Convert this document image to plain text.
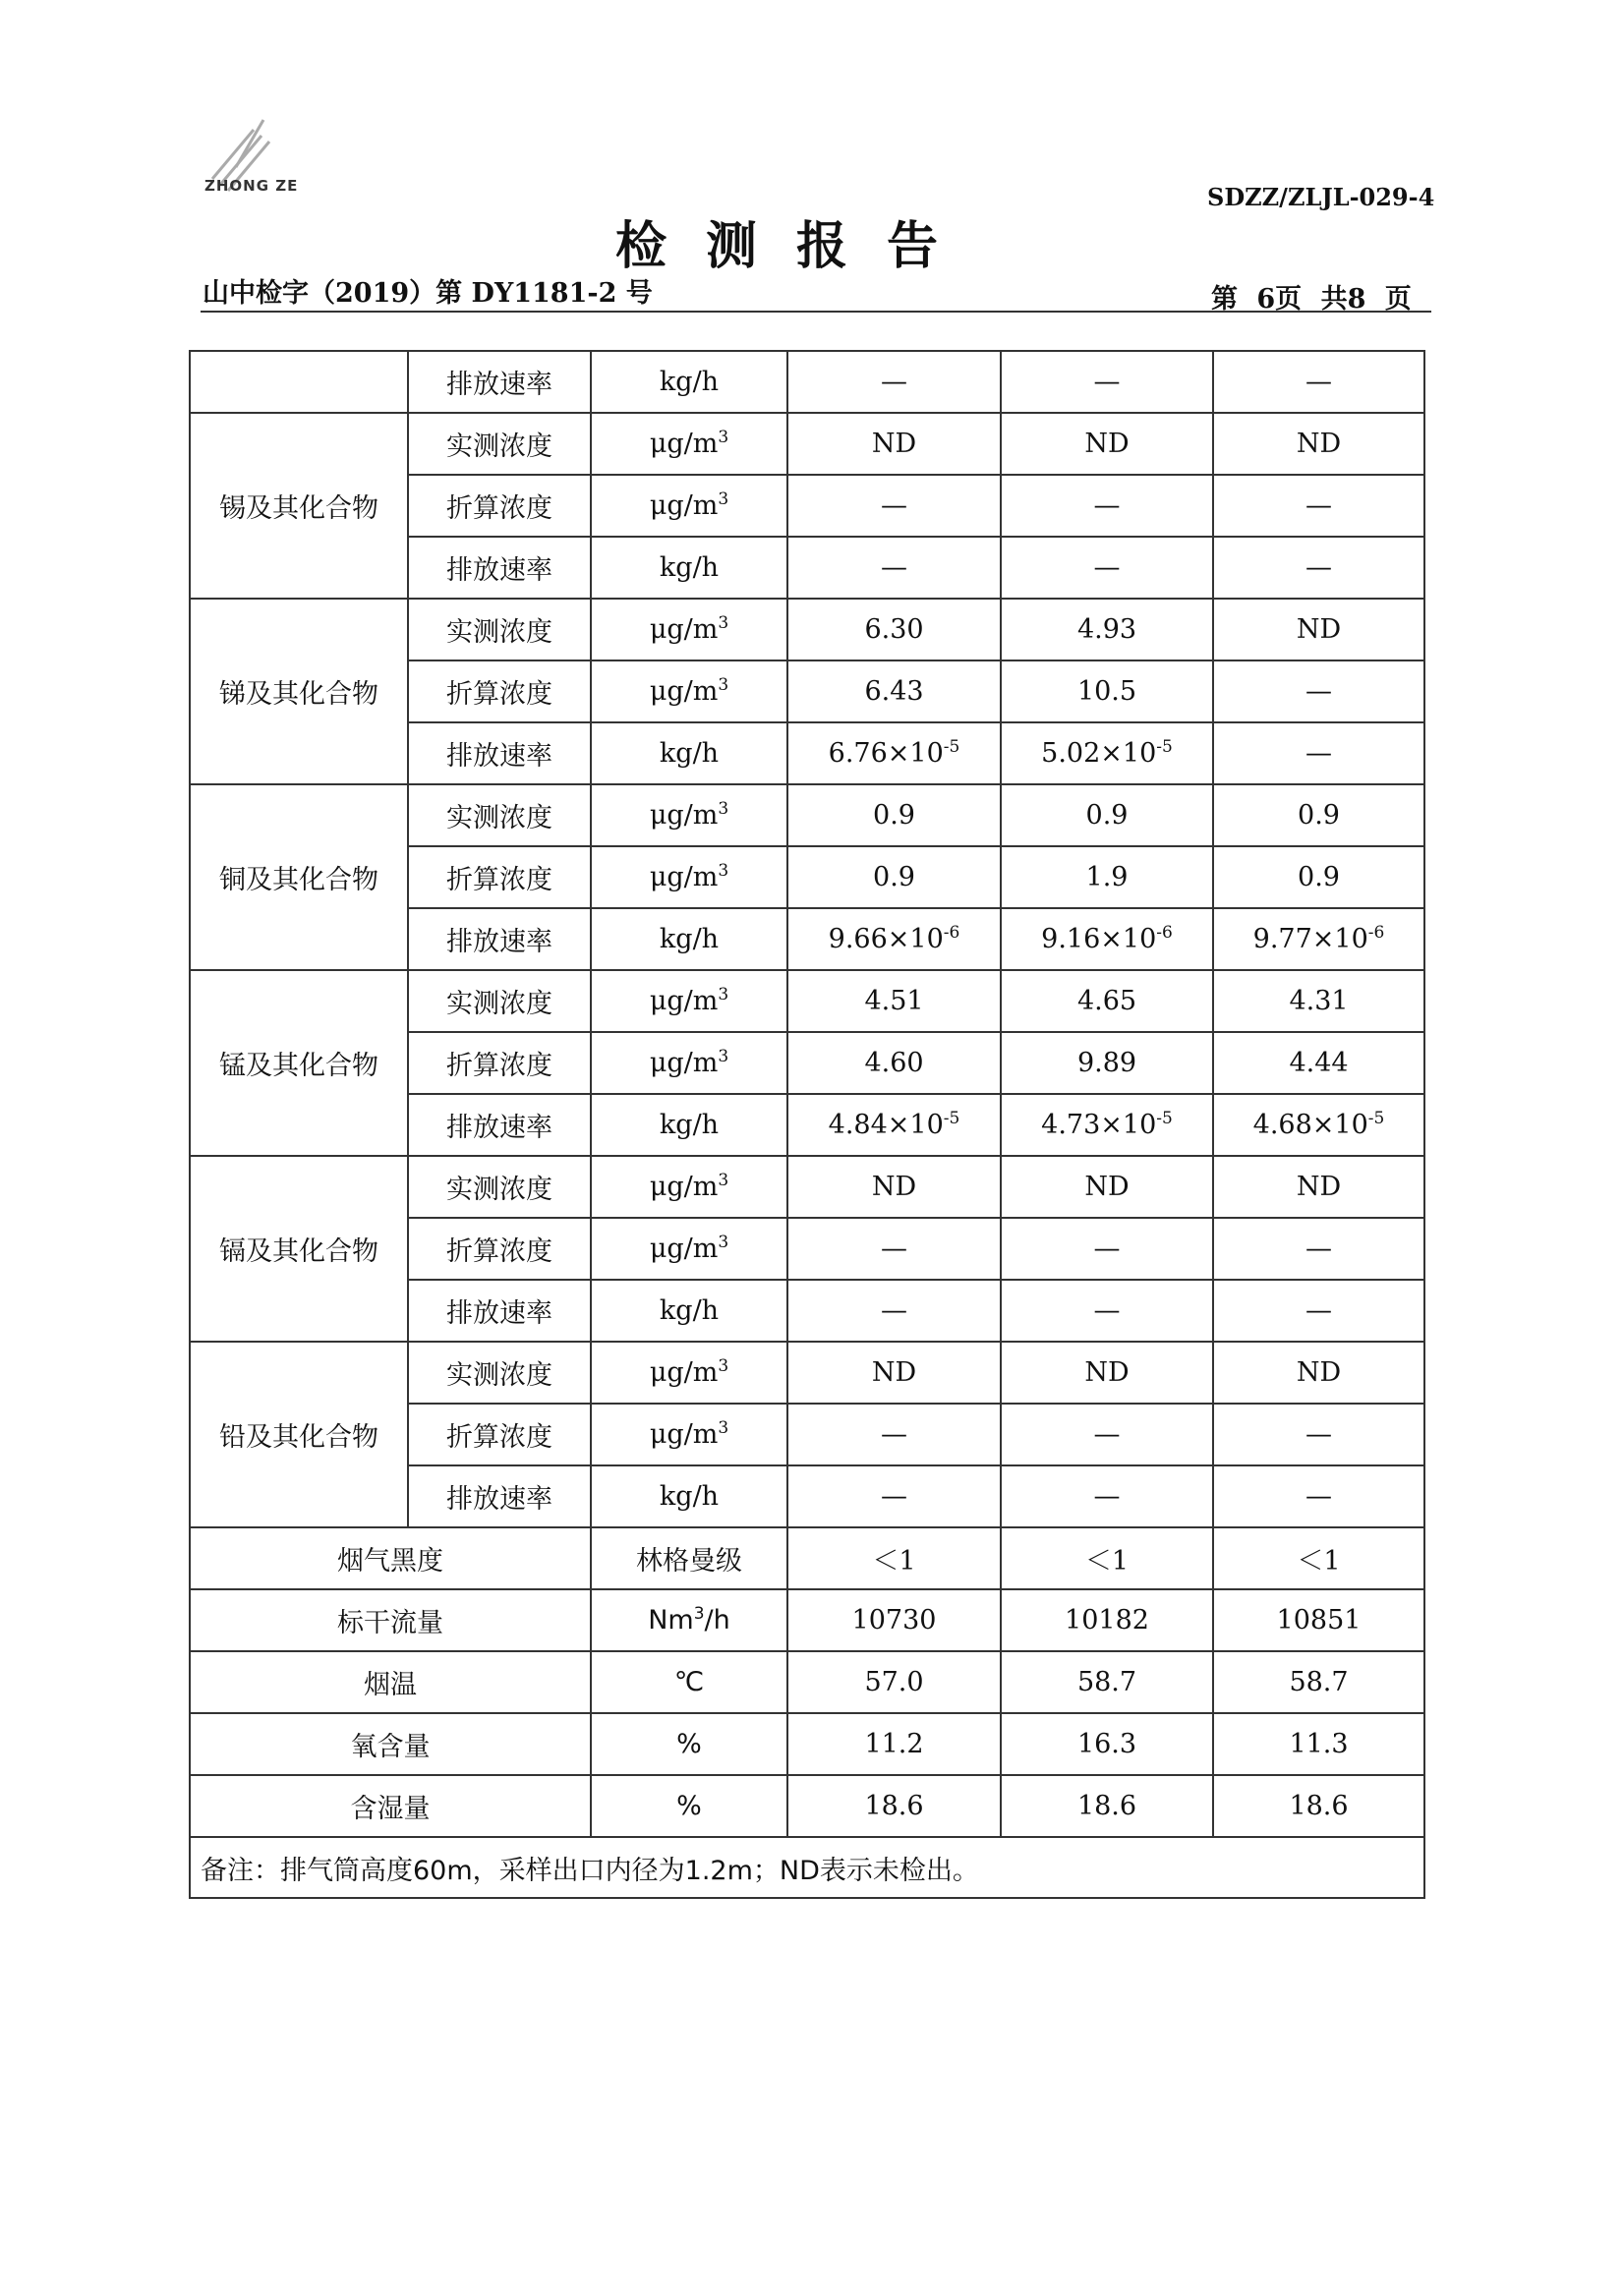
ZHONG ZE	SDZZ/ZLJL-029-4
检测报告
山中检字（2019）第 DY1181-2 号	第 6页 共8 页
	排放速率	kg/h	—	—	—
锡及其化合物	实测浓度	$\mu g/m^3$	ND	ND	ND
	折算浓度	$\mu g/m^3$	—	—	—
	排放速率	kg/h	—	—	—
锑及其化合物	实测浓度	$\mu g/m^3$	6.30	4.93	ND
	折算浓度	$\mu g/m^3$	6.43	10.5	—
	排放速率	kg/h	$6.76\times 10^{-5}$	$5.02\times 10^{-5}$	—
铜及其化合物	实测浓度	$\mu g/m^3$	0.9	0.9	0.9
	折算浓度	$\mu g/m^3$	0.9	1.9	0.9
	排放速率	kg/h	$9.66\times 10^{-6}$	$9.16\times 10^{-6}$	$9.77\times 10^{-6}$
锰及其化合物	实测浓度	$\mu g/m^3$	4.51	4.65	4.31
	折算浓度	$\mu g/m^3$	4.60	9.89	4.44
	排放速率	kg/h	$4.84\times 10^{-5}$	$4.73\times 10^{-5}$	$4.68\times 10^{-5}$
镉及其化合物	实测浓度	$\mu g/m^3$	ND	ND	ND
	折算浓度	$\mu g/m^3$	—	—	—
	排放速率	kg/h	—	—	—
铅及其化合物	实测浓度	$\mu g/m^3$	ND	ND	ND
	折算浓度	$\mu g/m^3$	—	—	—
	排放速率	kg/h	—	—	—
烟气黑度		林格曼级	＜1	＜1	＜1
标干流量		Nm$^3$/h	10730	10182	10851
烟温		℃	57.0	58.7	58.7
氧含量		%	11.2	16.3	11.3
含湿量		%	18.6	18.6	18.6
备注：排气筒高度60m，采样出口内径为1.2m；ND表示未检出。					
